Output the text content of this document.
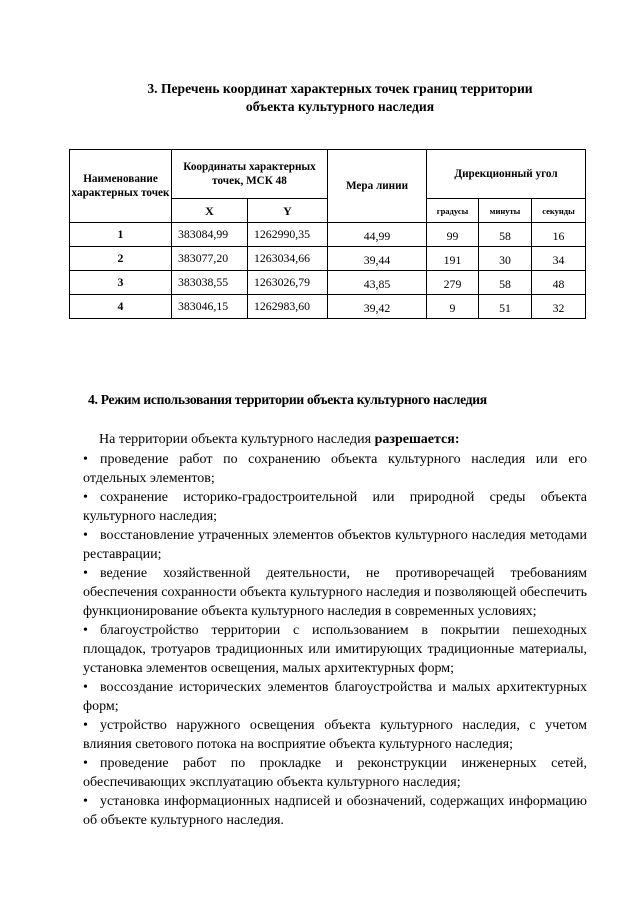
3. Перечень координат характерных точек границ территории
объекта культурного наследия
Наименование характерных точек	Координаты характерных точек, МСК 48		Мера линии	Дирекционный угол		
	X	Y		градусы	минуты	секунды
1	383084,99	1262990,35	44,99	99	58	16
2	383077,20	1263034,66	39,44	191	30	34
3	383038,55	1263026,79	43,85	279	58	48
4	383046,15	1262983,60	39,42	9	51	32
4. Режим использования территории объекта культурного наследия
На территории объекта культурного наследия разрешается:
• проведение работ по сохранению объекта культурного наследия или его отдельных элементов;
• сохранение историко-градостроительной или природной среды объекта культурного наследия;
• восстановление утраченных элементов объектов культурного наследия методами реставрации;
• ведение хозяйственной деятельности, не противоречащей требованиям обеспечения сохранности объекта культурного наследия и позволяющей обеспечить функционирование объекта культурного наследия в современных условиях;
• благоустройство территории с использованием в покрытии пешеходных площадок, тротуаров традиционных или имитирующих традиционные материалы, установка элементов освещения, малых архитектурных форм;
• воссоздание исторических элементов благоустройства и малых архитектурных форм;
• устройство наружного освещения объекта культурного наследия, с учетом влияния светового потока на восприятие объекта культурного наследия;
• проведение работ по прокладке и реконструкции инженерных сетей, обеспечивающих эксплуатацию объекта культурного наследия;
• установка информационных надписей и обозначений, содержащих информацию об объекте культурного наследия.
